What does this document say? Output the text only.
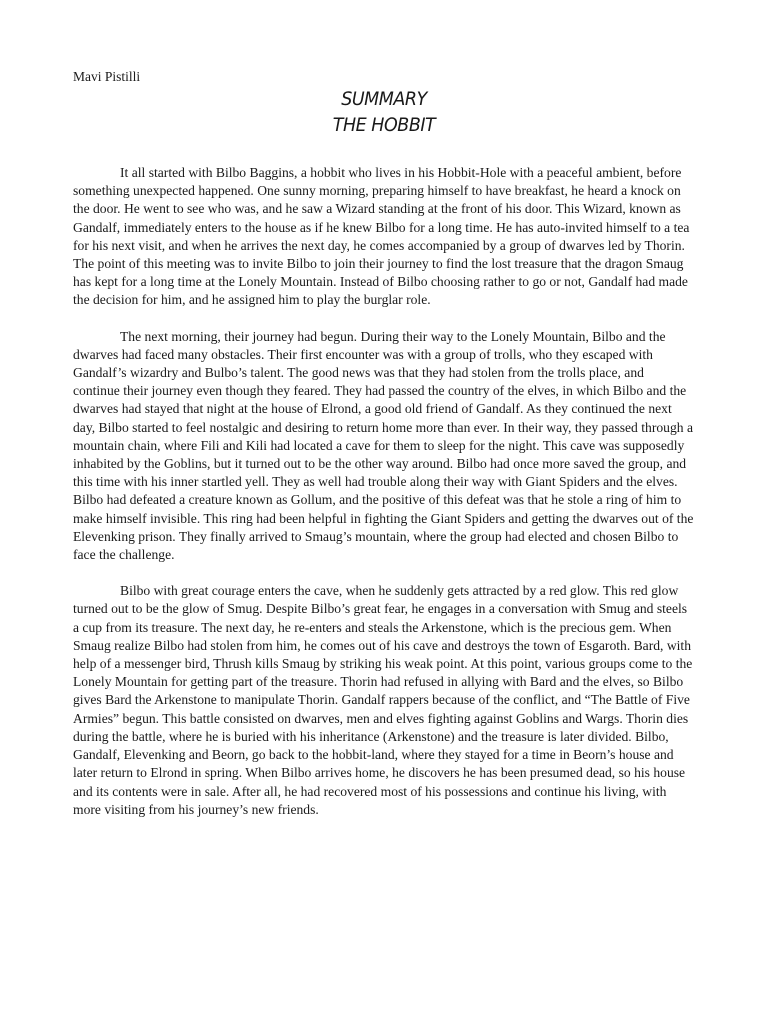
Mavi Pistilli
SUMMARY
THE HOBBIT

It all started with Bilbo Baggins, a hobbit who lives in his Hobbit-Hole with a peaceful ambient, before something unexpected happened. One sunny morning, preparing himself to have breakfast, he heard a knock on the door. He went to see who was, and he saw a Wizard standing at the front of his door. This Wizard, known as Gandalf, immediately enters to the house as if he knew Bilbo for a long time. He has auto-invited himself to a tea for his next visit, and when he arrives the next day, he comes accompanied by a group of dwarves led by Thorin. The point of this meeting was to invite Bilbo to join their journey to find the lost treasure that the dragon Smaug has kept for a long time at the Lonely Mountain. Instead of Bilbo choosing rather to go or not, Gandalf had made the decision for him, and he assigned him to play the burglar role.

The next morning, their journey had begun. During their way to the Lonely Mountain, Bilbo and the dwarves had faced many obstacles. Their first encounter was with a group of trolls, who they escaped with Gandalf’s wizardry and Bulbo’s talent. The good news was that they had stolen from the trolls place, and continue their journey even though they feared. They had passed the country of the elves, in which Bilbo and the dwarves had stayed that night at the house of Elrond, a good old friend of Gandalf. As they continued the next day, Bilbo started to feel nostalgic and desiring to return home more than ever. In their way, they passed through a mountain chain, where Fili and Kili had located a cave for them to sleep for the night. This cave was supposedly inhabited by the Goblins, but it turned out to be the other way around. Bilbo had once more saved the group, and this time with his inner startled yell. They as well had trouble along their way with Giant Spiders and the elves. Bilbo had defeated a creature known as Gollum, and the positive of this defeat was that he stole a ring of him to make himself invisible. This ring had been helpful in fighting the Giant Spiders and getting the dwarves out of the Elevenking prison. They finally arrived to Smaug’s mountain, where the group had elected and chosen Bilbo to face the challenge.

Bilbo with great courage enters the cave, when he suddenly gets attracted by a red glow. This red glow turned out to be the glow of Smug. Despite Bilbo’s great fear, he engages in a conversation with Smug and steels a cup from its treasure. The next day, he re-enters and steals the Arkenstone, which is the precious gem. When Smaug realize Bilbo had stolen from him, he comes out of his cave and destroys the town of Esgaroth. Bard, with help of a messenger bird, Thrush kills Smaug by striking his weak point. At this point, various groups come to the Lonely Mountain for getting part of the treasure. Thorin had refused in allying with Bard and the elves, so Bilbo gives Bard the Arkenstone to manipulate Thorin. Gandalf rappers because of the conflict, and “The Battle of Five Armies” begun. This battle consisted on dwarves, men and elves fighting against Goblins and Wargs. Thorin dies during the battle, where he is buried with his inheritance (Arkenstone) and the treasure is later divided. Bilbo, Gandalf, Elevenking and Beorn, go back to the hobbit-land, where they stayed for a time in Beorn’s house and later return to Elrond in spring. When Bilbo arrives home, he discovers he has been presumed dead, so his house and its contents were in sale. After all, he had recovered most of his possessions and continue his living, with more visiting from his journey’s new friends.
